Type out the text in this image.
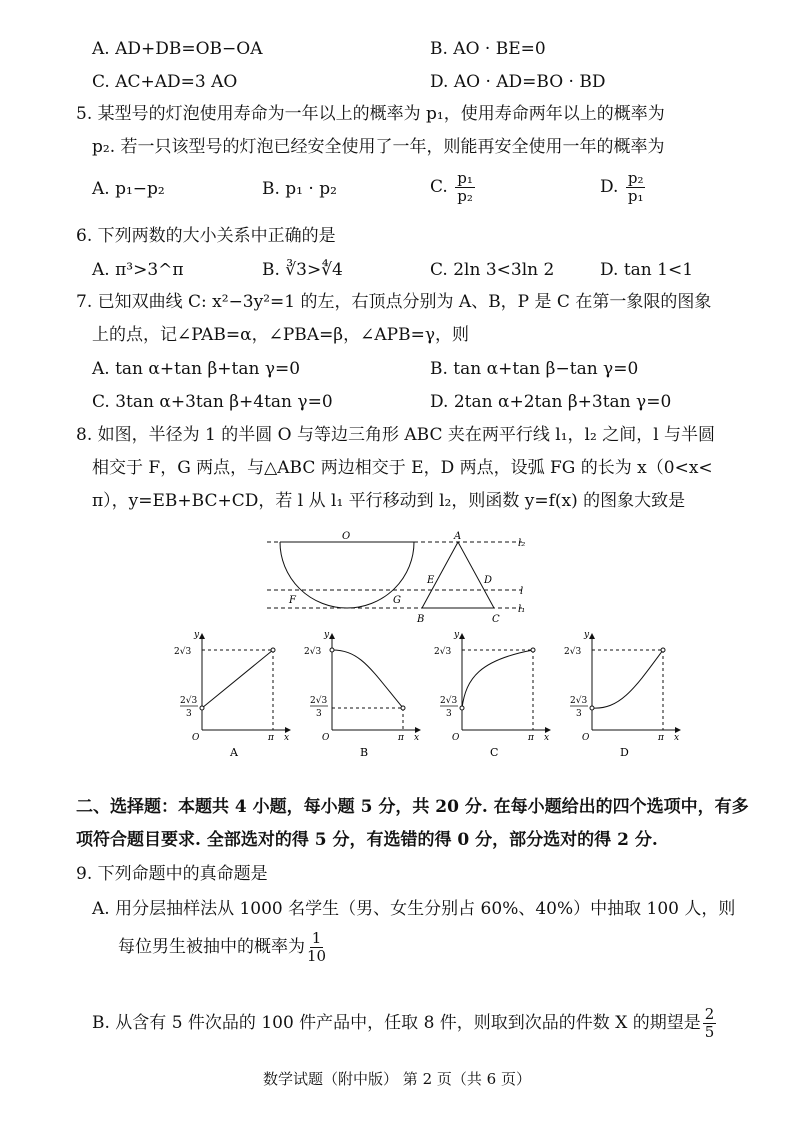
A. AD+DB=OB−OA	B. AO · BE=0
C. AC+AD=3 AO	D. AO · AD=BO · BD
5. 某型号的灯泡使用寿命为一年以上的概率为 p₁，使用寿命两年以上的概率为
p₂. 若一只该型号的灯泡已经安全使用了一年，则能再安全使用一年的概率为
A. p₁−p₂	B. p₁ · p₂	C. $\frac{\text{p₁}}{\text{p₂}}$	D. $\frac{\text{p₂}}{\text{p₁}}$
6. 下列两数的大小关系中正确的是
A. π³>3^π	B. ∛3>∜4	C. 2ln 3<3ln 2	D. tan 1<1
7. 已知双曲线 C: x²−3y²=1 的左，右顶点分别为 A、B，P 是 C 在第一象限的图象
上的点，记∠PAB=α，∠PBA=β，∠APB=γ，则
A. tan α+tan β+tan γ=0	B. tan α+tan β−tan γ=0
C. 3tan α+3tan β+4tan γ=0	D. 2tan α+2tan β+3tan γ=0
8. 如图，半径为 1 的半圆 O 与等边三角形 ABC 夹在两平行线 l₁，l₂ 之间，l 与半圆
相交于 F，G 两点，与△ABC 两边相交于 E，D 两点，设弧 FG 的长为 x（0<x<
π），y=EB+BC+CD，若 l 从 l₁ 平行移动到 l₂，则函数 y=f(x) 的图象大致是
O	A
l₂
E	D
l
F	G
l₁
B	C
y
2√3
2√3
3
O	π x
A
y
2√3
2√3
3
O	π x
B
y
2√3
2√3
3
O	π x
C
y
2√3
2√3
3
O	π x
D
二、选择题：本题共 4 小题，每小题 5 分，共 20 分. 在每小题给出的四个选项中，有多
项符合题目要求. 全部选对的得 5 分，有选错的得 0 分，部分选对的得 2 分.
9. 下列命题中的真命题是
A. 用分层抽样法从 1000 名学生（男、女生分别占 60%、40%）中抽取 100 人，则
每位男生被抽中的概率为 $\frac{1}{10}$
B. 从含有 5 件次品的 100 件产品中，任取 8 件，则取到次品的件数 X 的期望是 $\frac{2}{5}$
数学试题（附中版） 第 2 页（共 6 页）
